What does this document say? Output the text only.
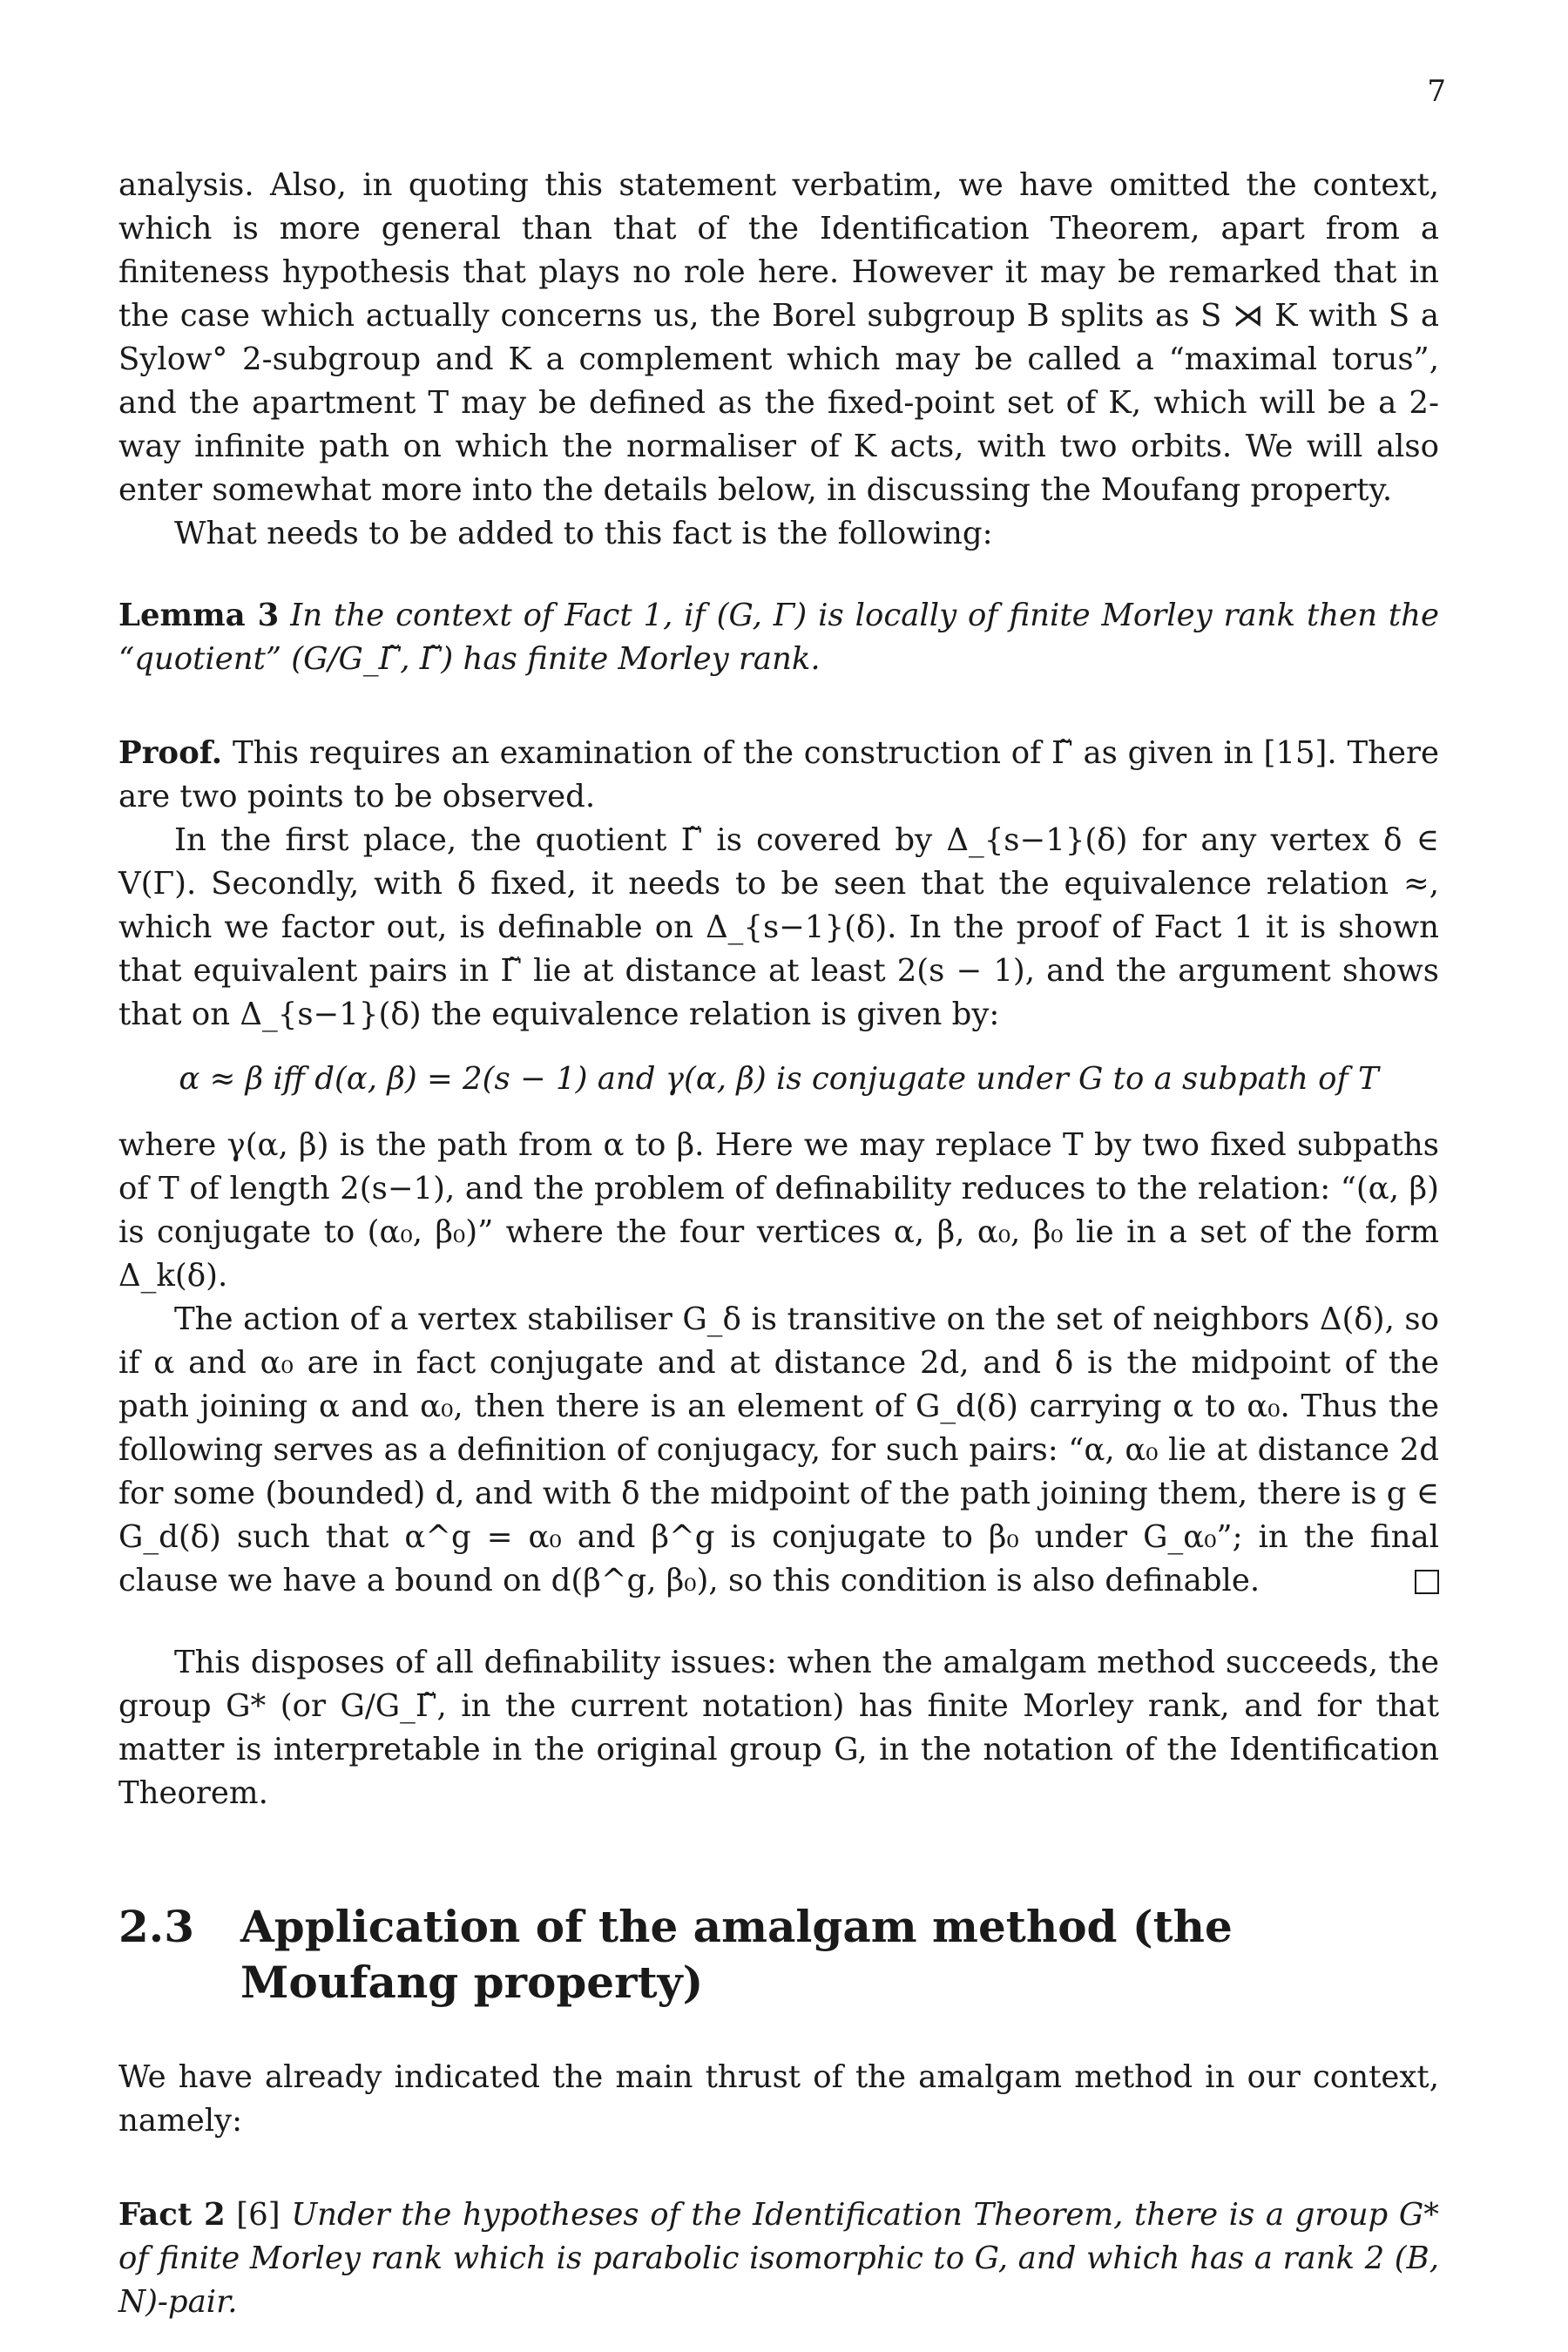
7

analysis. Also, in quoting this statement verbatim, we have omitted the context, which is more general than that of the Identification Theorem, apart from a finiteness hypothesis that plays no role here. However it may be remarked that in the case which actually concerns us, the Borel subgroup B splits as S ⋊ K with S a Sylow° 2-subgroup and K a complement which may be called a “maximal torus”, and the apartment T may be defined as the fixed-point set of K, which will be a 2-way infinite path on which the normaliser of K acts, with two orbits. We will also enter somewhat more into the details below, in discussing the Moufang property.

What needs to be added to this fact is the following:

Lemma 3 In the context of Fact 1, if (G, Γ) is locally of finite Morley rank then the “quotient” (G/G_Γ̃, Γ̃) has finite Morley rank.

Proof. This requires an examination of the construction of Γ̃ as given in [15]. There are two points to be observed.

In the first place, the quotient Γ̃ is covered by Δ_{s−1}(δ) for any vertex δ ∈ V(Γ). Secondly, with δ fixed, it needs to be seen that the equivalence relation ≈, which we factor out, is definable on Δ_{s−1}(δ). In the proof of Fact 1 it is shown that equivalent pairs in Γ̃ lie at distance at least 2(s − 1), and the argument shows that on Δ_{s−1}(δ) the equivalence relation is given by:

α ≈ β iff d(α, β) = 2(s − 1) and γ(α, β) is conjugate under G to a subpath of T

where γ(α, β) is the path from α to β. Here we may replace T by two fixed subpaths of T of length 2(s−1), and the problem of definability reduces to the relation: “(α, β) is conjugate to (α₀, β₀)” where the four vertices α, β, α₀, β₀ lie in a set of the form Δ_k(δ).

The action of a vertex stabiliser G_δ is transitive on the set of neighbors Δ(δ), so if α and α₀ are in fact conjugate and at distance 2d, and δ is the midpoint of the path joining α and α₀, then there is an element of G_d(δ) carrying α to α₀. Thus the following serves as a definition of conjugacy, for such pairs: “α, α₀ lie at distance 2d for some (bounded) d, and with δ the midpoint of the path joining them, there is g ∈ G_d(δ) such that α^g = α₀ and β^g is conjugate to β₀ under G_α₀”; in the final clause we have a bound on d(β^g, β₀), so this condition is also definable.

This disposes of all definability issues: when the amalgam method succeeds, the group G* (or G/G_Γ̃, in the current notation) has finite Morley rank, and for that matter is interpretable in the original group G, in the notation of the Identification Theorem.

2.3	Application of the amalgam method (the Moufang property)

We have already indicated the main thrust of the amalgam method in our context, namely:

Fact 2 [6] Under the hypotheses of the Identification Theorem, there is a group G* of finite Morley rank which is parabolic isomorphic to G, and which has a rank 2 (B, N)-pair.
